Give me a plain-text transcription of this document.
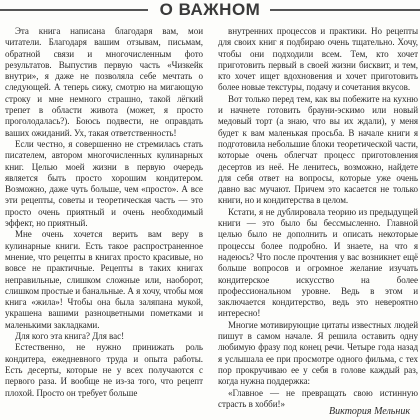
О ВАЖНОМ

Эта книга написана благодаря вам, мои читатели. Благодаря вашим отзывам, письмам, обратной связи и многочисленным фото результатов. Выпустив первую часть «Чизкейк внутри», я даже не позволяла себе мечтать о следующей. А теперь сижу, смотрю на мигающую строку и мне немного страшно, такой лёгкий трепет в области живота (может, я просто проголодалась?). Боюсь подвести, не оправдать ваших ожиданий. Ух, такая ответственность!

Если честно, я совершенно не стремилась стать писателем, автором многочисленных кулинарных книг. Целью моей жизни в первую очередь является быть просто хорошим кондитером. Возможно, даже чуть больше, чем «просто». А все эти рецепты, советы и теоретическая часть — это просто очень приятный и очень необходимый эффект, но приятный.

Мне очень хочется верить вам веру в кулинарные книги. Есть такое распространенное мнение, что рецепты в книгах просто красивые, но вовсе не практичные. Рецепты в таких книгах неправильные, слишком сложные или, наоборот, слишком простые и банальные. А я хочу, чтобы моя книга «жила»! Чтобы она была заляпана мукой, украшена вашими разноцветными пометками и маленькими закладками.

Для кого эта книга? Для вас!

Естественно, не нужно принижать роль кондитера, ежедневного труда и опыта работы. Есть десерты, которые не у всех получаются с первого раза. И вообще не из-за того, что рецепт плохой. Просто он требует больше

внутренних процессов и практики. Но рецепты для своих книг я подбираю очень тщательно. Хочу, чтобы они подходили всем. Тем, кто хочет приготовить первый в своей жизни бисквит, и тем, кто хочет ищет вдохновения и хочет приготовить более новые текстуры, подачу и сочетания вкусов.

Вот только перед тем, как вы побежите на кухню и начнете готовить брауни-эскимо или новый медовый торт (а знаю, что вы их ждали), у меня будет к вам маленькая просьба. В начале книги я подготовила небольшие блоки теоретической части, которые очень облегчат процесс приготовления десертов из неё. Не ленитесь, возможно, найдете для себя ответ на вопросы, которые уже очень давно вас мучают. Причем это касается не только книги, но и кондитерства в целом.

Кстати, я не дублировала теорию из предыдущей книги — это было бы бессмысленно. Главной целью было не дополнить и описать некоторые процессы более подробно. И знаете, на что я надеюсь? Что после прочтения у вас возникнет ещё больше вопросов и огромное желание изучать кондитерское искусство на более профессиональном уровне. Ведь в этом и заключается кондитерство, ведь это невероятно интересно!

Многие мотивирующие цитаты известных людей пишут в самом начале. Я решила оставить одну любимую фразу под конец речи. Четыре года назад я услышала ее при просмотре одного фильма, с тех пор прокручиваю ее у себя в голове каждый раз, когда нужна поддержка:

«Главное — не превращать свою истинную страсть в хобби!»

Виктория Мельник
